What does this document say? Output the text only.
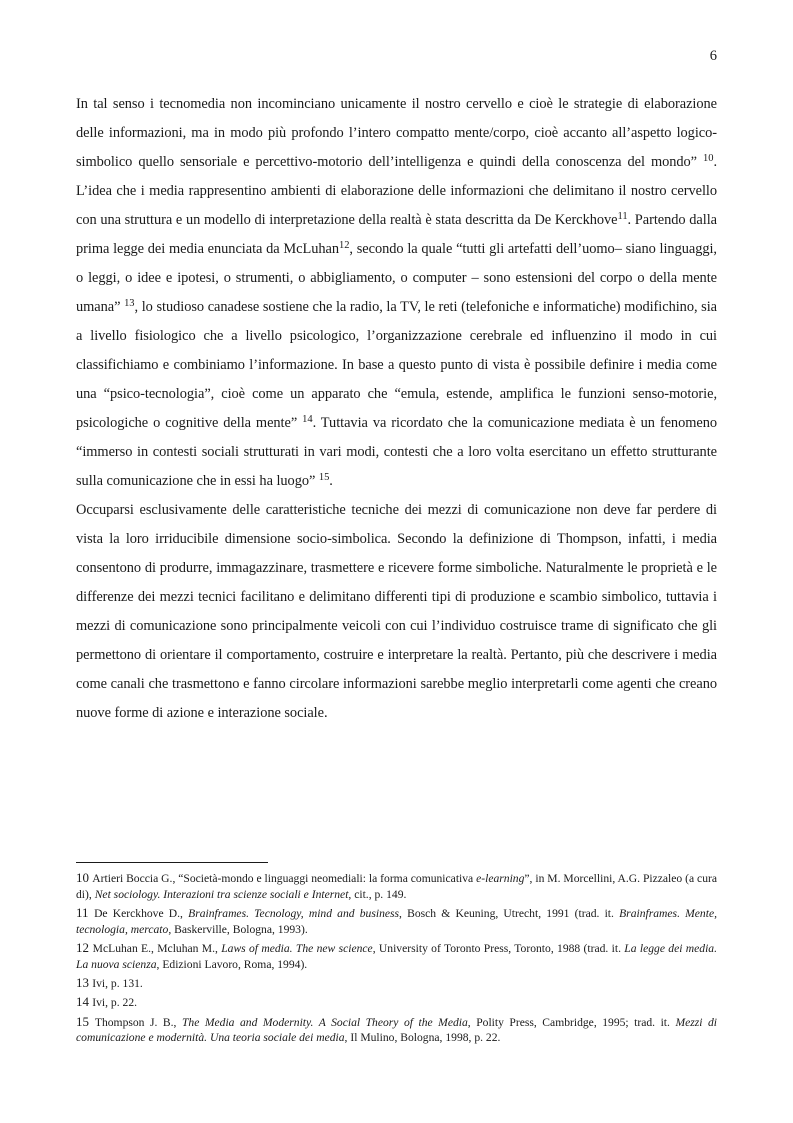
6

In tal senso i tecnomedia non incominciano unicamente il nostro cervello e cioè le strategie di elaborazione delle informazioni, ma in modo più profondo l’intero compatto mente/corpo, cioè accanto all’aspetto logico-simbolico quello sensoriale e percettivo-motorio dell’intelligenza e quindi della conoscenza del mondo” $^{10}$. L’idea che i media rappresentino ambienti di elaborazione delle informazioni che delimitano il nostro cervello con una struttura e un modello di interpretazione della realtà è stata descritta da De Kerckhove$^{11}$. Partendo dalla prima legge dei media enunciata da McLuhan$^{12}$, secondo la quale “tutti gli artefatti dell’uomo– siano linguaggi, o leggi, o idee e ipotesi, o strumenti, o abbigliamento, o computer – sono estensioni del corpo o della mente umana” $^{13}$, lo studioso canadese sostiene che la radio, la TV, le reti (telefoniche e informatiche) modifichino, sia a livello fisiologico che a livello psicologico, l’organizzazione cerebrale ed influenzino il modo in cui classifichiamo e combiniamo l’informazione. In base a questo punto di vista è possibile definire i media come una “psico-tecnologia”, cioè come un apparato che “emula, estende, amplifica le funzioni senso-motorie, psicologiche o cognitive della mente” $^{14}$. Tuttavia va ricordato che la comunicazione mediata è un fenomeno “immerso in contesti sociali strutturati in vari modi, contesti che a loro volta esercitano un effetto strutturante sulla comunicazione che in essi ha luogo” $^{15}$.

Occuparsi esclusivamente delle caratteristiche tecniche dei mezzi di comunicazione non deve far perdere di vista la loro irriducibile dimensione socio-simbolica. Secondo la definizione di Thompson, infatti, i media consentono di produrre, immagazzinare, trasmettere e ricevere forme simboliche. Naturalmente le proprietà e le differenze dei mezzi tecnici facilitano e delimitano differenti tipi di produzione e scambio simbolico, tuttavia i mezzi di comunicazione sono principalmente veicoli con cui l’individuo costruisce trame di significato che gli permettono di orientare il comportamento, costruire e interpretare la realtà. Pertanto, più che descrivere i media come canali che trasmettono e fanno circolare informazioni sarebbe meglio interpretarli come agenti che creano nuove forme di azione e interazione sociale.

10 Artieri Boccia G., “Società-mondo e linguaggi neomediali: la forma comunicativa e-learning”, in M. Morcellini, A.G. Pizzaleo (a cura di), Net sociology. Interazioni tra scienze sociali e Internet, cit., p. 149.
11 De Kerckhove D., Brainframes. Tecnology, mind and business, Bosch & Keuning, Utrecht, 1991 (trad. it. Brainframes. Mente, tecnologia, mercato, Baskerville, Bologna, 1993).
12 McLuhan E., Mcluhan M., Laws of media. The new science, University of Toronto Press, Toronto, 1988 (trad. it. La legge dei media. La nuova scienza, Edizioni Lavoro, Roma, 1994).
13 Ivi, p. 131.
14 Ivi, p. 22.
15 Thompson J. B., The Media and Modernity. A Social Theory of the Media, Polity Press, Cambridge, 1995; trad. it. Mezzi di comunicazione e modernità. Una teoria sociale dei media, Il Mulino, Bologna, 1998, p. 22.
